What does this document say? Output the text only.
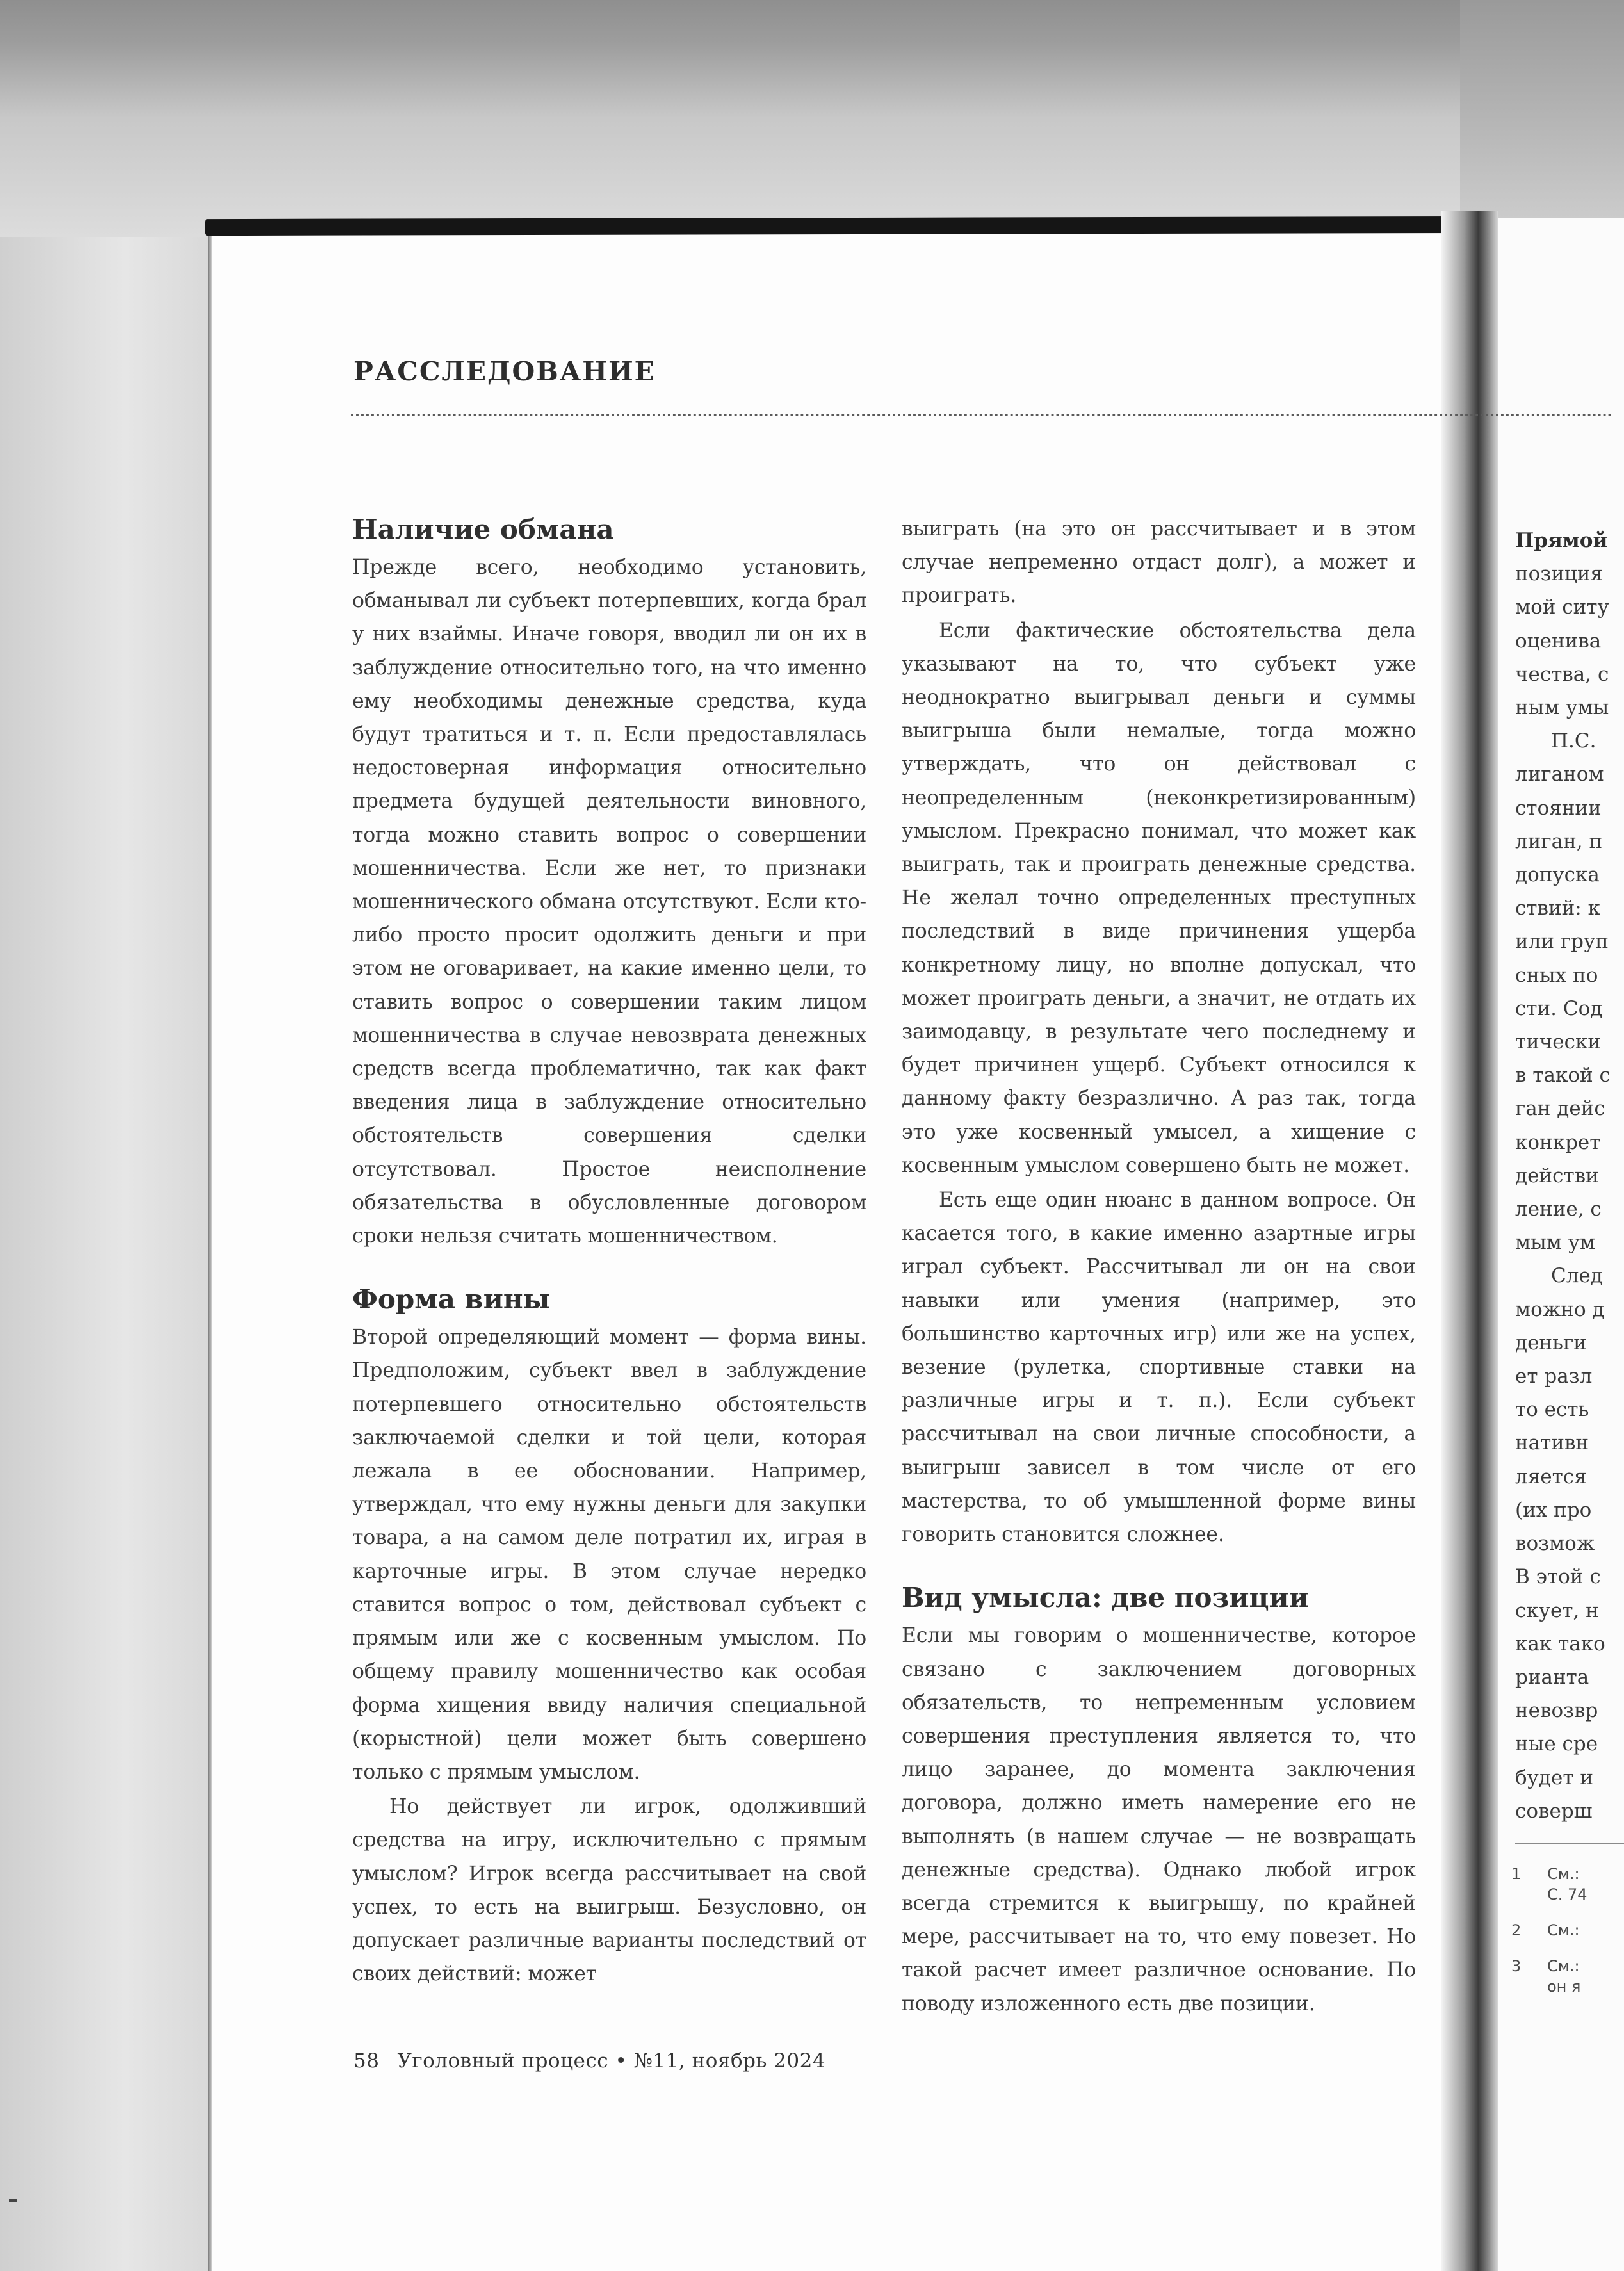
РАССЛЕДОВАНИЕ
Наличие обмана

Прежде всего, необходимо установить, обманывал ли субъект потерпевших, когда брал у них взаймы. Иначе говоря, вводил ли он их в заблуждение относительно того, на что именно ему необходимы денежные средства, куда будут тратиться и т. п. Если предоставлялась недостоверная информация относительно предмета будущей деятельности виновного, тогда можно ставить вопрос о совершении мошенничества. Если же нет, то признаки мошеннического обмана отсутствуют. Если кто-либо просто просит одолжить деньги и при этом не оговаривает, на какие именно цели, то ставить вопрос о совершении таким лицом мошенничества в случае невозврата денежных средств всегда проблематично, так как факт введения лица в заблуждение относительно обстоятельств совершения сделки отсутствовал. Простое неисполнение обязательства в обусловленные договором сроки нельзя считать мошенничеством.

Форма вины

Второй определяющий момент — форма вины. Предположим, субъект ввел в заблуждение потерпевшего относительно обстоятельств заключаемой сделки и той цели, которая лежала в ее обосновании. Например, утверждал, что ему нужны деньги для закупки товара, а на самом деле потратил их, играя в карточные игры. В этом случае нередко ставится вопрос о том, действовал субъект с прямым или же с косвенным умыслом. По общему правилу мошенничество как особая форма хищения ввиду наличия специальной (корыстной) цели может быть совершено только с прямым умыслом.

Но действует ли игрок, одолживший средства на игру, исключительно с прямым умыслом? Игрок всегда рассчитывает на свой успех, то есть на выигрыш. Безусловно, он допускает различные варианты последствий от своих действий: может

выиграть (на это он рассчитывает и в этом случае непременно отдаст долг), а может и проиграть.

Если фактические обстоятельства дела указывают на то, что субъект уже неоднократно выигрывал деньги и суммы выигрыша были немалые, тогда можно утверждать, что он действовал с неопределенным (неконкретизированным) умыслом. Прекрасно понимал, что может как выиграть, так и проиграть денежные средства. Не желал точно определенных преступных последствий в виде причинения ущерба конкретному лицу, но вполне допускал, что может проиграть деньги, а значит, не отдать их заимодавцу, в результате чего последнему и будет причинен ущерб. Субъект относился к данному факту безразлично. А раз так, тогда это уже косвенный умысел, а хищение с косвенным умыслом совершено быть не может.

Есть еще один нюанс в данном вопросе. Он касается того, в какие именно азартные игры играл субъект. Рассчитывал ли он на свои навыки или умения (например, это большинство карточных игр) или же на успех, везение (рулетка, спортивные ставки на различные игры и т. п.). Если субъект рассчитывал на свои личные способности, а выигрыш зависел в том числе от его мастерства, то об умышленной форме вины говорить становится сложнее.

Вид умысла: две позиции

Если мы говорим о мошенничестве, которое связано с заключением договорных обязательств, то непременным условием совершения преступления является то, что лицо заранее, до момента заключения договора, должно иметь намерение его не выполнять (в нашем случае — не возвращать денежные средства). Однако любой игрок всегда стремится к выигрышу, по крайней мере, рассчитывает на то, что ему повезет. Но такой расчет имеет различное основание. По поводу изложенного есть две позиции.

Прямой
позиция
мой ситу
оценива
чества, с
ным умы
П.С.
лиганом
стоянии
лиган, п
допуска
ствий: к
или груп
сных по
сти. Сод
тически
в такой с
ган дейс
конкрет
действи
ление, с
мым ум
След
можно д
деньги
ет разл
то есть
нативн
ляется
(их про
возмож
В этой с
скует, н
как тако
рианта
невозвр
ные сре
будет и
соверш
1 См.:
С. 74
2 См.:
3 См.:
он я
58 Уголовный процесс • №11, ноябрь 2024
